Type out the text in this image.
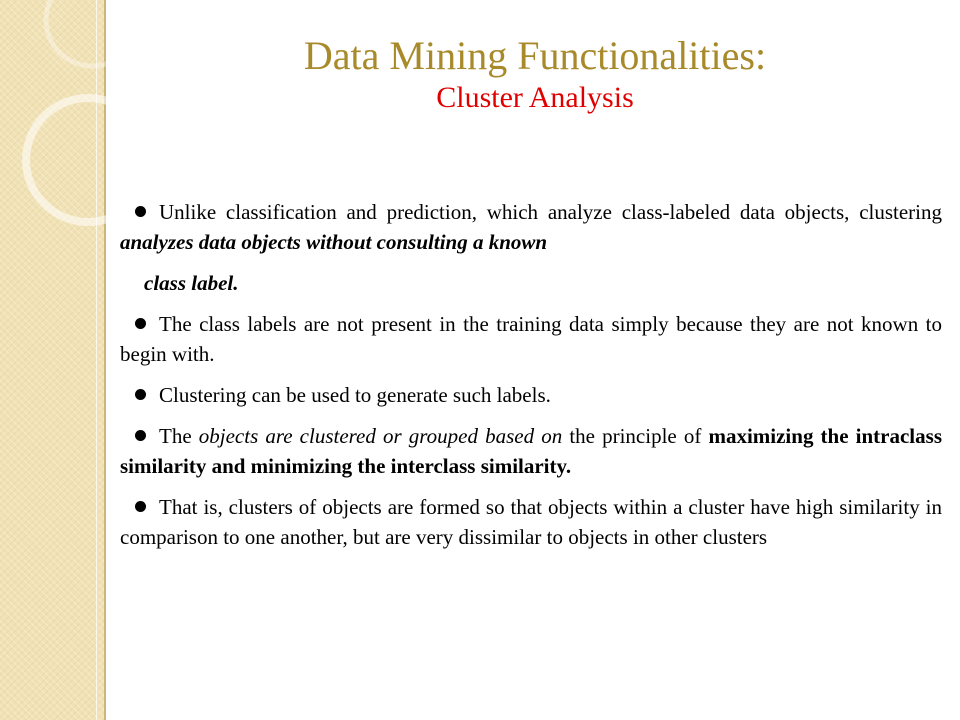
Data Mining Functionalities:
Cluster Analysis

Unlike classification and prediction, which analyze class-labeled data objects, clustering analyzes data objects without consulting a known

class label.

The class labels are not present in the training data simply because they are not known to begin with.

Clustering can be used to generate such labels.

The objects are clustered or grouped based on the principle of maximizing the intraclass similarity and minimizing the interclass similarity.

That is, clusters of objects are formed so that objects within a cluster have high similarity in comparison to one another, but are very dissimilar to objects in other clusters
